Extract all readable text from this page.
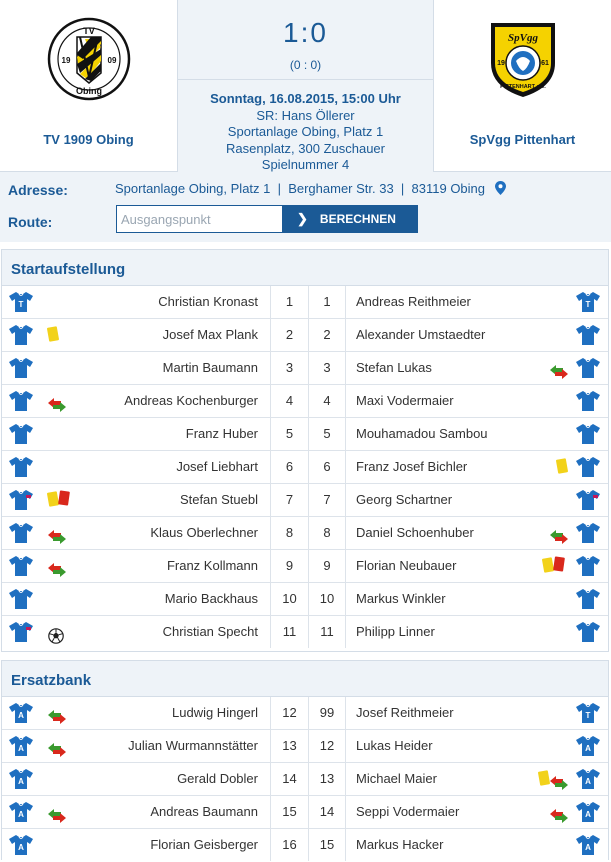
TV
19	09
Obing
TV 1909 Obing
1:0
(0 : 0)
Sonntag, 16.08.2015, 15:00 Uhr
SR: Hans Öllerer
Sportanlage Obing, Platz 1
Rasenplatz, 300 Zuschauer
Spielnummer 4
SpVgg
19	61
PITTENHART e.V.
SpVgg Pittenhart
Adresse:	Sportanlage Obing, Platz 1  |  Berghamer Str. 33  |  83119 Obing
Route:
Ausgangspunkt	❯ BERECHNEN
Startaufstellung
T	Christian Kronast	1	1	Andreas Reithmeier	T
Josef Max Plank	2	2	Alexander Umstaedter
Martin Baumann	3	3	Stefan Lukas
Andreas Kochenburger	4	4	Maxi Vodermaier
Franz Huber	5	5	Mouhamadou Sambou
Josef Liebhart	6	6	Franz Josef Bichler
Stefan Stuebl	7	7	Georg Schartner
Klaus Oberlechner	8	8	Daniel Schoenhuber
Franz Kollmann	9	9	Florian Neubauer
Mario Backhaus	10	10	Markus Winkler
Christian Specht	11	11	Philipp Linner
Ersatzbank
A	Ludwig Hingerl	12	99	Josef Reithmeier	T
A	Julian Wurmannstätter	13	12	Lukas Heider	A
A	Gerald Dobler	14	13	Michael Maier	A
A	Andreas Baumann	15	14	Seppi Vodermaier	A
A	Florian Geisberger	16	15	Markus Hacker	A
